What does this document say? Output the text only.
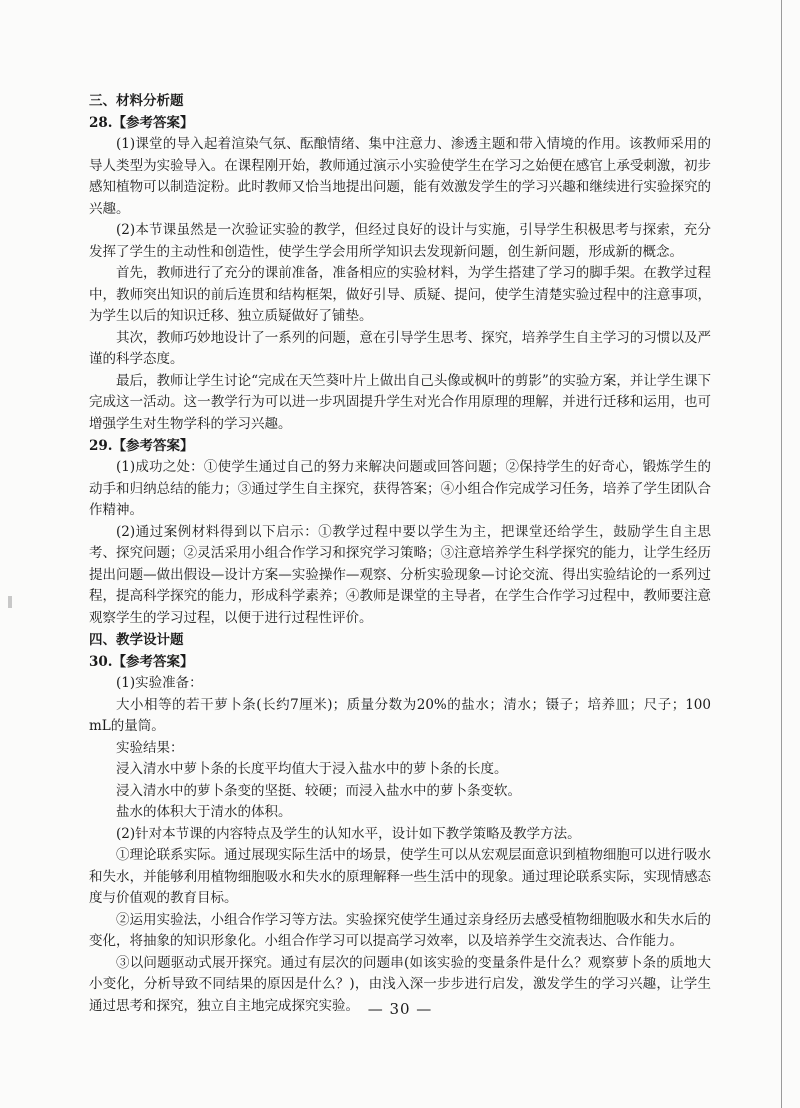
三、材料分析题
28.【参考答案】

(1)课堂的导入起着渲染气氛、酝酿情绪、集中注意力、渗透主题和带入情境的作用。该教师采用的导人类型为实验导入。在课程刚开始，教师通过演示小实验使学生在学习之始便在感官上承受刺激，初步感知植物可以制造淀粉。此时教师又恰当地提出问题，能有效激发学生的学习兴趣和继续进行实验探究的兴趣。

(2)本节课虽然是一次验证实验的教学，但经过良好的设计与实施，引导学生积极思考与探索，充分发挥了学生的主动性和创造性，使学生学会用所学知识去发现新问题，创生新问题，形成新的概念。

首先，教师进行了充分的课前准备，准备相应的实验材料，为学生搭建了学习的脚手架。在教学过程中，教师突出知识的前后连贯和结构框架，做好引导、质疑、提问，使学生清楚实验过程中的注意事项，为学生以后的知识迁移、独立质疑做好了铺垫。

其次，教师巧妙地设计了一系列的问题，意在引导学生思考、探究，培养学生自主学习的习惯以及严谨的科学态度。

最后，教师让学生讨论“完成在天竺葵叶片上做出自己头像或枫叶的剪影”的实验方案，并让学生课下完成这一活动。这一教学行为可以进一步巩固提升学生对光合作用原理的理解，并进行迁移和运用，也可增强学生对生物学科的学习兴趣。

29.【参考答案】

(1)成功之处：①使学生通过自己的努力来解决问题或回答问题；②保持学生的好奇心，锻炼学生的动手和归纳总结的能力；③通过学生自主探究，获得答案；④小组合作完成学习任务，培养了学生团队合作精神。

(2)通过案例材料得到以下启示：①教学过程中要以学生为主，把课堂还给学生，鼓励学生自主思考、探究问题；②灵活采用小组合作学习和探究学习策略；③注意培养学生科学探究的能力，让学生经历提出问题—做出假设—设计方案—实验操作—观察、分析实验现象—讨论交流、得出实验结论的一系列过程，提高科学探究的能力，形成科学素养；④教师是课堂的主导者，在学生合作学习过程中，教师要注意观察学生的学习过程，以便于进行过程性评价。

四、教学设计题
30.【参考答案】

(1)实验准备：

大小相等的若干萝卜条(长约7厘米)；质量分数为20%的盐水；清水；镊子；培养皿；尺子；100 mL的量筒。

实验结果：

浸入清水中萝卜条的长度平均值大于浸入盐水中的萝卜条的长度。

浸入清水中的萝卜条变的坚挺、较硬；而浸入盐水中的萝卜条变软。

盐水的体积大于清水的体积。

(2)针对本节课的内容特点及学生的认知水平，设计如下教学策略及教学方法。

①理论联系实际。通过展现实际生活中的场景，使学生可以从宏观层面意识到植物细胞可以进行吸水和失水，并能够利用植物细胞吸水和失水的原理解释一些生活中的现象。通过理论联系实际，实现情感态度与价值观的教育目标。

②运用实验法，小组合作学习等方法。实验探究使学生通过亲身经历去感受植物细胞吸水和失水后的变化，将抽象的知识形象化。小组合作学习可以提高学习效率，以及培养学生交流表达、合作能力。

③以问题驱动式展开探究。通过有层次的问题串(如该实验的变量条件是什么？观察萝卜条的质地大小变化，分析导致不同结果的原因是什么？)，由浅入深一步步进行启发，激发学生的学习兴趣，让学生通过思考和探究，独立自主地完成探究实验。 — 30 —
